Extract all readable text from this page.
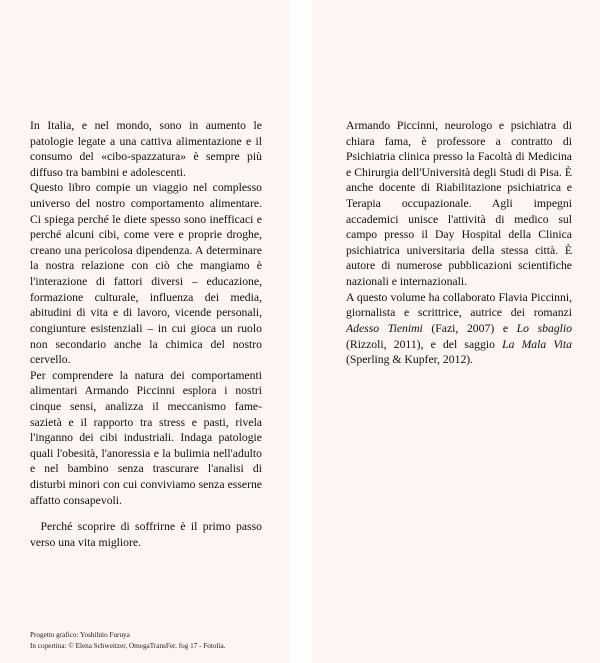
In Italia, e nel mondo, sono in aumento le patologie legate a una cattiva alimentazione e il consumo del «cibo-spazzatura» è sempre più diffuso tra bambini e adolescenti.

Questo libro compie un viaggio nel complesso universo del nostro comportamento alimentare. Ci spiega perché le diete spesso sono inefficaci e perché alcuni cibi, come vere e proprie droghe, creano una pericolosa dipendenza. A determinare la nostra relazione con ciò che mangiamo è l'interazione di fattori diversi – educazione, formazione culturale, influenza dei media, abitudini di vita e di lavoro, vicende personali, congiunture esistenziali – in cui gioca un ruolo non secondario anche la chimica del nostro cervello.

Per comprendere la natura dei comportamenti alimentari Armando Piccinni esplora i nostri cinque sensi, analizza il meccanismo fame-sazietà e il rapporto tra stress e pasti, rivela l'inganno dei cibi industriali. Indaga patologie quali l'obesità, l'anoressia e la bulimia nell'adulto e nel bambino senza trascurare l'analisi di disturbi minori con cui conviviamo senza esserne affatto consapevoli.

Perché scoprire di soffrirne è il primo passo verso una vita migliore.

Armando Piccinni, neurologo e psichiatra di chiara fama, è professore a contratto di Psichiatria clinica presso la Facoltà di Medicina e Chirurgia dell'Università degli Studi di Pisa. È anche docente di Riabilitazione psichiatrica e Terapia occupazionale. Agli impegni accademici unisce l'attività di medico sul campo presso il Day Hospital della Clinica psichiatrica universitaria della stessa città. È autore di numerose pubblicazioni scientifiche nazionali e internazionali.

A questo volume ha collaborato Flavia Piccinni, giornalista e scrittrice, autrice dei romanzi Adesso Tienimi (Fazi, 2007) e Lo sbaglio (Rizzoli, 2011), e del saggio La Mala Vita (Sperling & Kupfer, 2012).

Progetto grafico: Yoshihito Furuya
In copertina: © Elena Schweitzer, OmegaTransFer, fog 17 - Fotolia.
